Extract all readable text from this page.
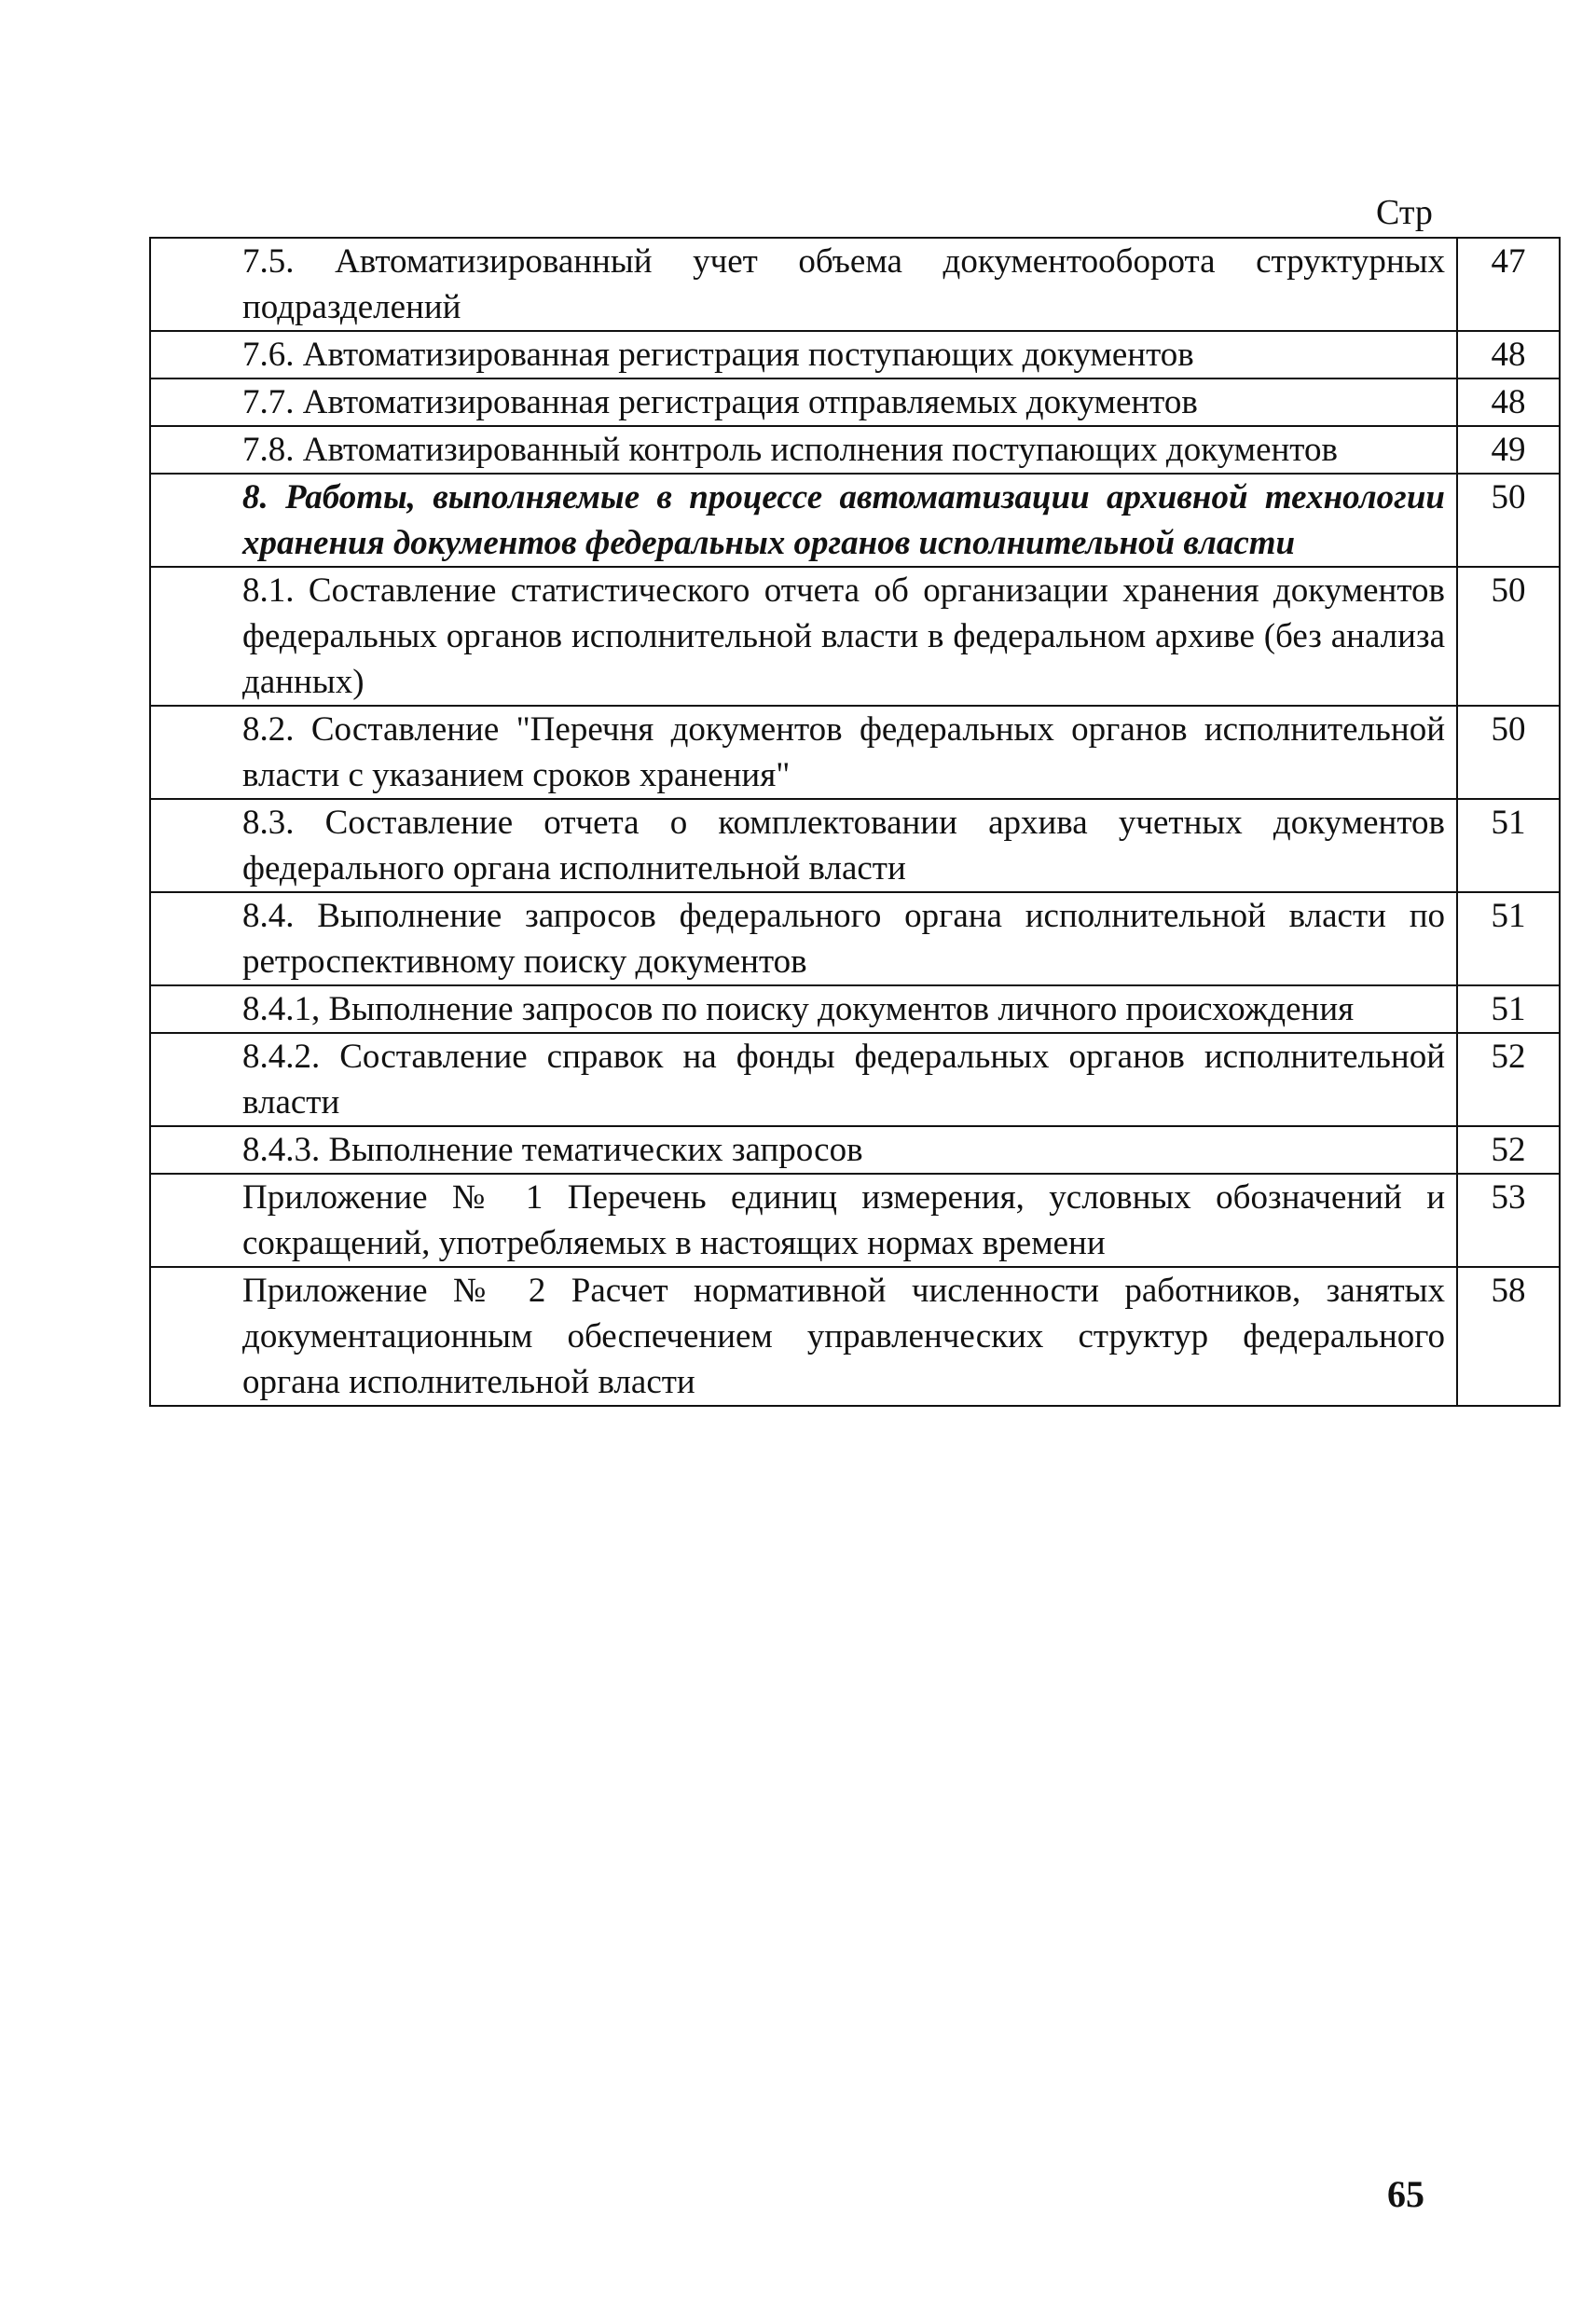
Стр
7.5. Автоматизированный учет объема документооборота структурных подразделений	47
7.6. Автоматизированная регистрация поступающих документов	48
7.7. Автоматизированная регистрация отправляемых документов	48
7.8. Автоматизированный контроль исполнения поступающих документов	49
8. Работы, выполняемые в процессе автоматизации архивной технологии хранения документов федеральных органов исполнительной власти	50
8.1. Составление статистического отчета об организации хранения документов федеральных органов исполнительной власти в федеральном архиве (без анализа данных)	50
8.2. Составление "Перечня документов федеральных органов исполнительной власти с указанием сроков хранения"	50
8.3. Составление отчета о комплектовании архива учетных документов федерального органа исполнительной власти	51
8.4. Выполнение запросов федерального органа исполнительной власти по ретроспективному поиску документов	51
8.4.1, Выполнение запросов по поиску документов личного происхождения	51
8.4.2. Составление справок на фонды федеральных органов исполнительной власти	52
8.4.3. Выполнение тематических запросов	52
Приложение № 1 Перечень единиц измерения, условных обозначений и сокращений, употребляемых в настоящих нормах времени	53
Приложение № 2 Расчет нормативной численности работников, занятых документационным обеспечением управленческих структур федерального органа исполнительной власти	58
65
